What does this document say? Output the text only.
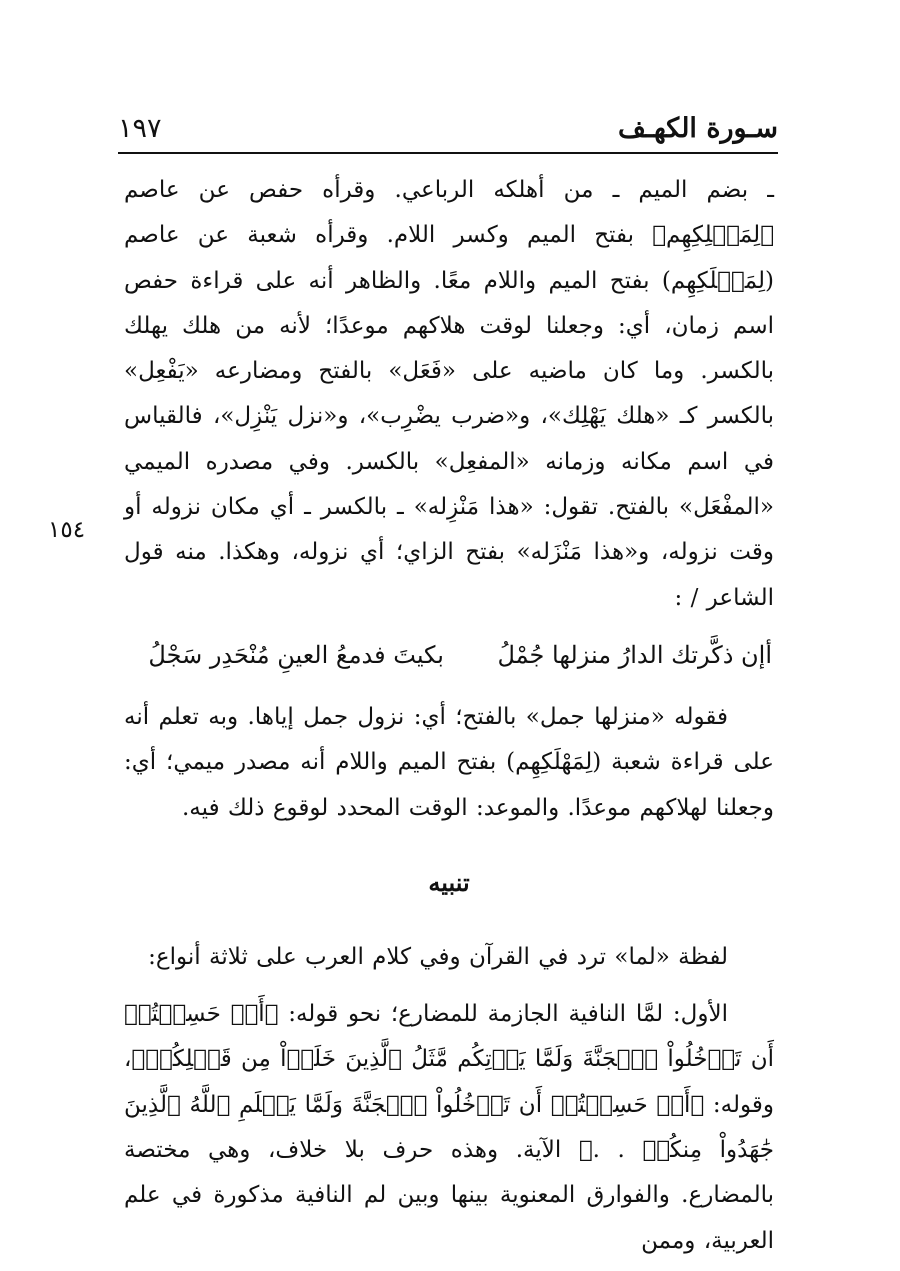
١٩٧	سـورة الكهـف
١٥٤

ـ بضم الميم ـ من أهلكه الرباعي. وقرأه حفص عن عاصم ﴿لِمَهۡلِكِهِم﴾ بفتح الميم وكسر اللام. وقرأه شعبة عن عاصم (لِمَهۡلَكِهِم) بفتح الميم واللام معًا. والظاهر أنه على قراءة حفص اسم زمان، أي: وجعلنا لوقت هلاكهم موعدًا؛ لأنه من هلك يهلك بالكسر. وما كان ماضيه على «فَعَل» بالفتح ومضارعه «يَفْعِل» بالكسر كـ «هلك يَهْلِك»، و«ضرب يضْرِب»، و«نزل يَنْزِل»، فالقياس في اسم مكانه وزمانه «المفعِل» بالكسر. وفي مصدره الميمي «المفْعَل» بالفتح. تقول: «هذا مَنْزِله» ـ بالكسر ـ أي مكان نزوله أو وقت نزوله، و«هذا مَنْزَله» بفتح الزاي؛ أي نزوله، وهكذا. منه قول الشاعر / :

أإن ذكَّرتك الدارُ منزلها جُمْلُ
بكيتَ فدمعُ العينِ مُنْحَدِر سَجْلُ

فقوله «منزلها جمل» بالفتح؛ أي: نزول جمل إياها. وبه تعلم أنه على قراءة شعبة (لِمَهْلَكِهِم) بفتح الميم واللام أنه مصدر ميمي؛ أي: وجعلنا لهلاكهم موعدًا. والموعد: الوقت المحدد لوقوع ذلك فيه.

تنبيه

لفظة «لما» ترد في القرآن وفي كلام العرب على ثلاثة أنواع:

الأول: لمَّا النافية الجازمة للمضارع؛ نحو قوله: ﴿أَمۡ حَسِبۡتُمۡ أَن تَدۡخُلُواْ ٱلۡجَنَّةَ وَلَمَّا يَأۡتِكُم مَّثَلُ ٱلَّذِينَ خَلَوۡاْ مِن قَبۡلِكُمۖ﴾، وقوله: ﴿أَمۡ حَسِبۡتُمۡ أَن تَدۡخُلُواْ ٱلۡجَنَّةَ وَلَمَّا يَعۡلَمِ ٱللَّهُ ٱلَّذِينَ جَٰهَدُواْ مِنكُمۡ . .﴾ الآية. وهذه حرف بلا خلاف، وهي مختصة بالمضارع. والفوارق المعنوية بينها وبين لم النافية مذكورة في علم العربية، وممن
